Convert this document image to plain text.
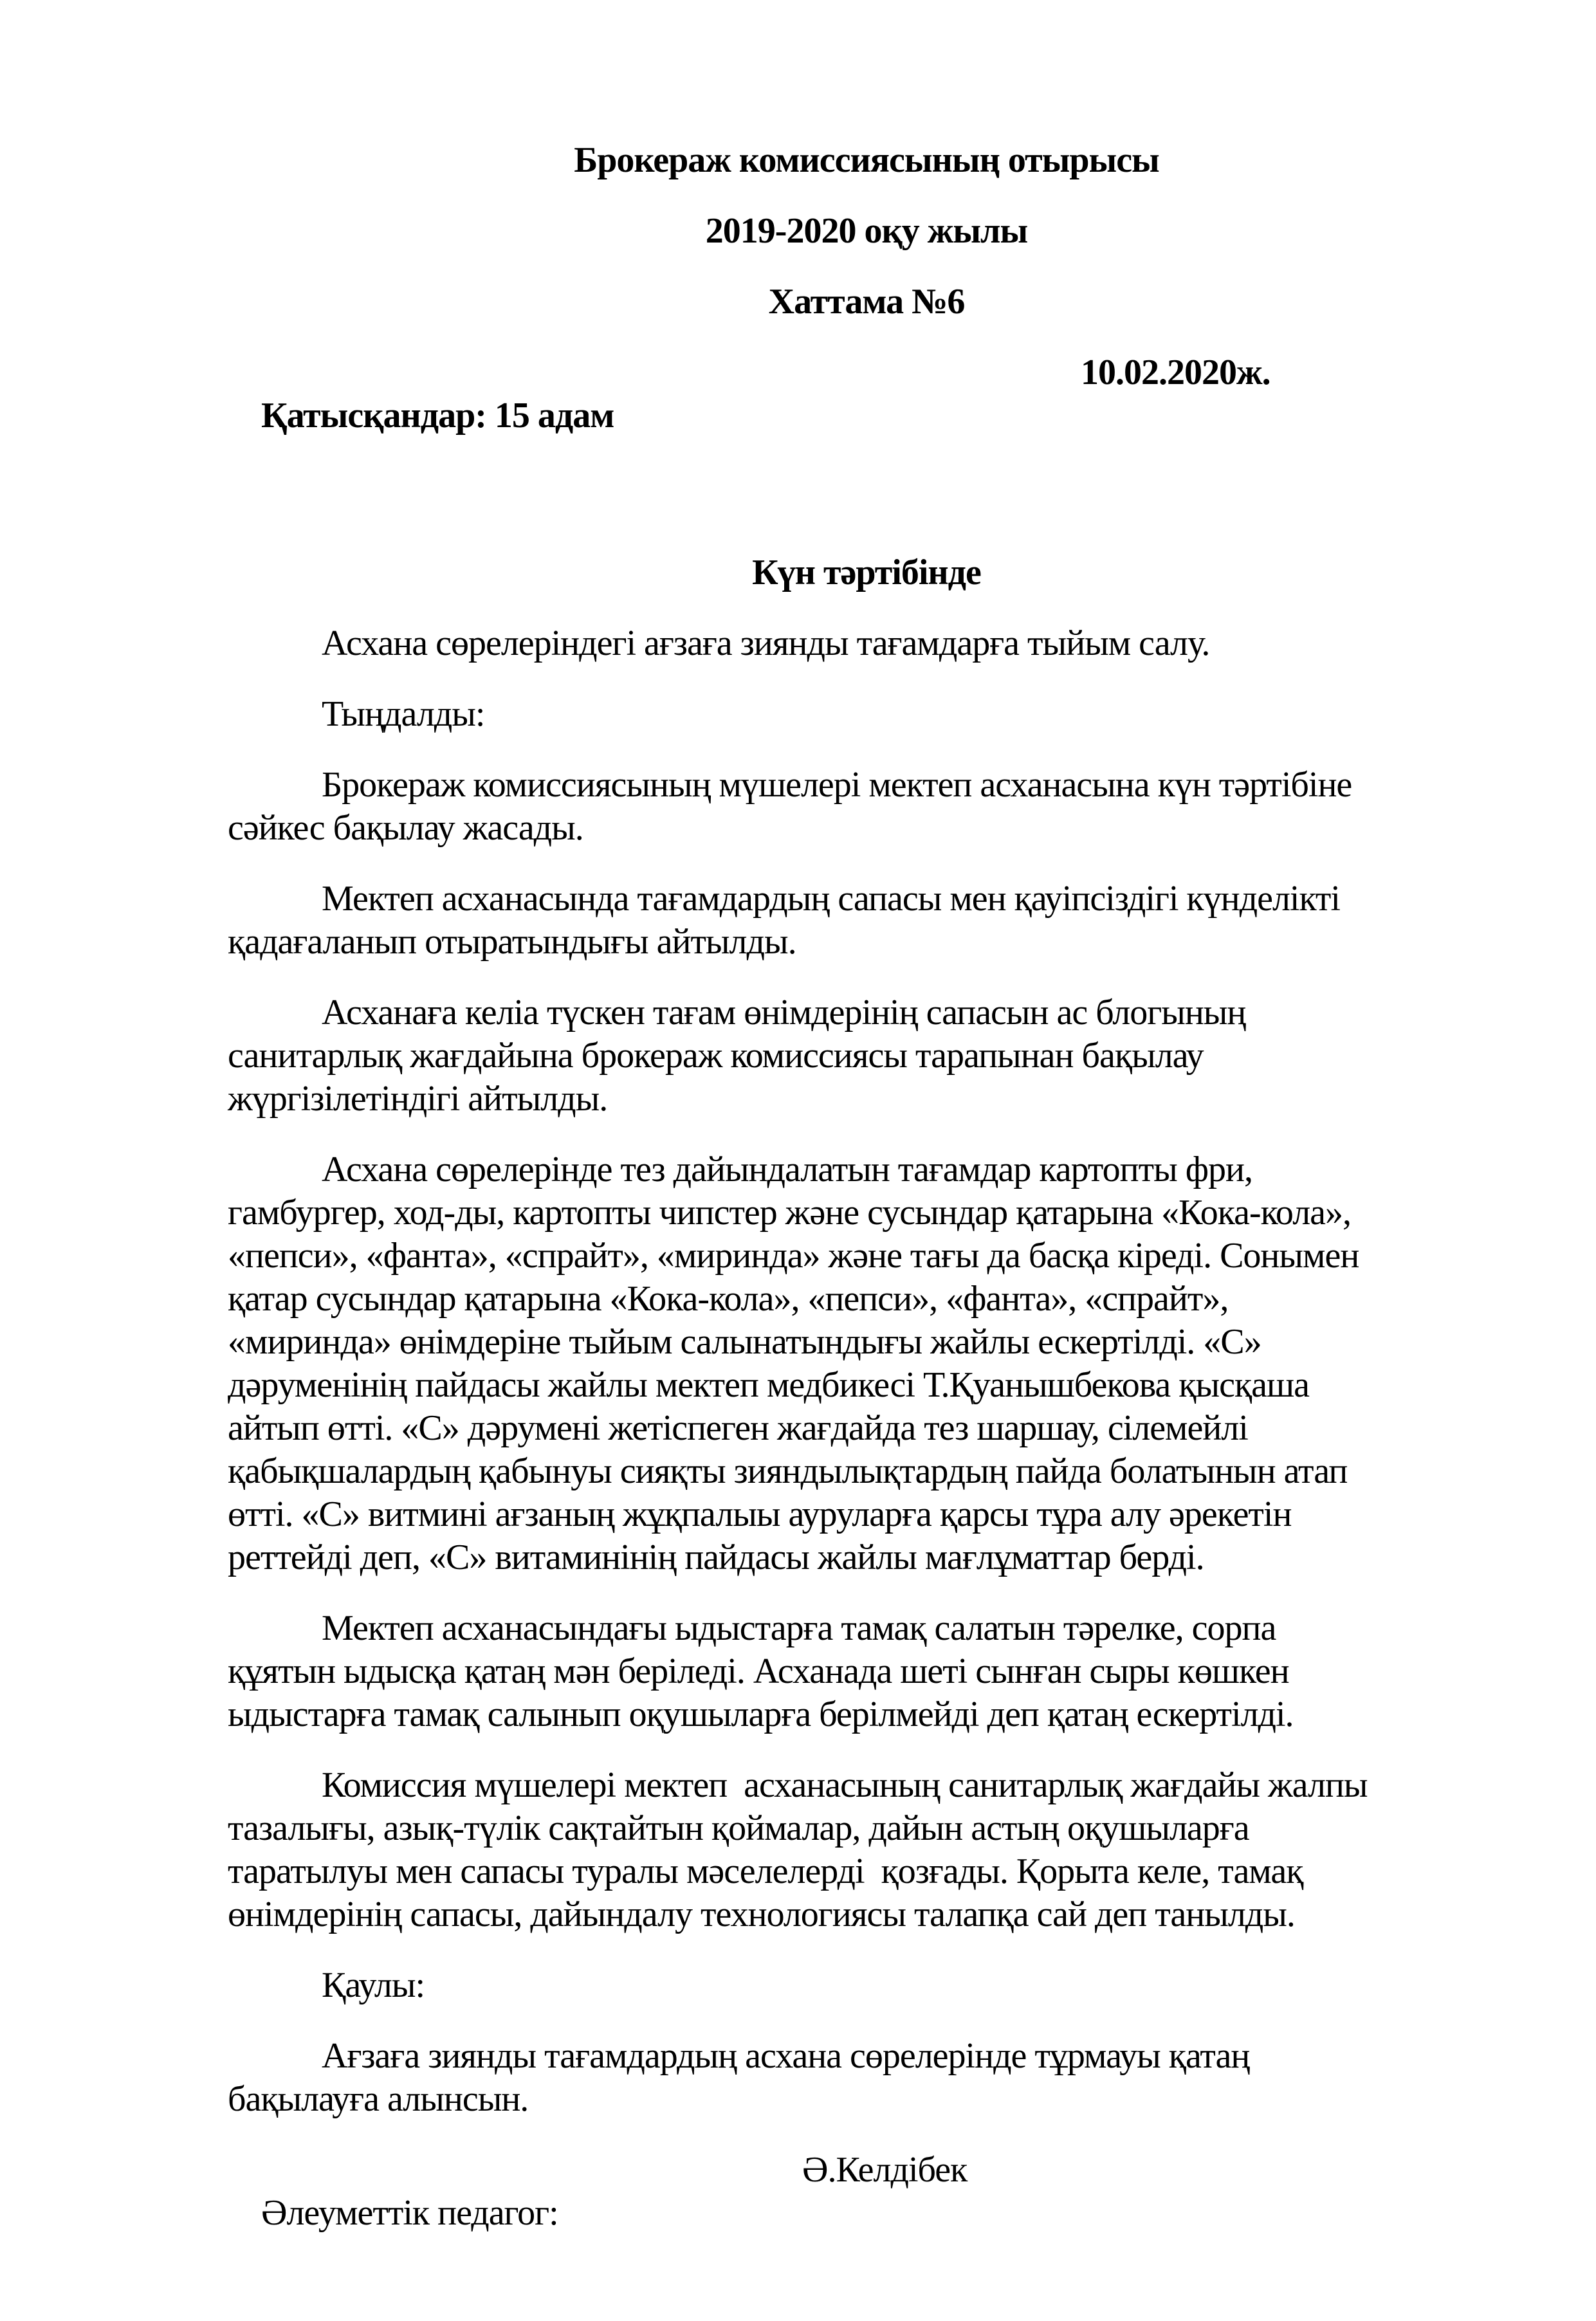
Брокераж комиссиясының отырысы

2019-2020 оқу жылы

Хаттама №6

Қатысқандар: 15 адам

10.02.2020ж.

Күн тәртібінде

Асхана сөрелеріндегі ағзаға зиянды тағамдарға тыйым салу.
Тыңдалды:
Брокераж комиссиясының мүшелері мектеп асханасына күн тәртібіне
сәйкес бақылау жасады.
Мектеп асханасында тағамдардың сапасы мен қауіпсіздігі күнделікті
қадағаланып отыратындығы айтылды.
Асханаға келіа түскен тағам өнімдерінің сапасын ас блогының
санитарлық жағдайына брокераж комиссиясы тарапынан бақылау
жүргізілетіндігі айтылды.
Асхана сөрелерінде тез дайындалатын тағамдар картопты фри,
гамбургер, ход-ды, картопты чипстер және сусындар қатарына «Кока-кола»,
«пепси», «фанта», «спрайт», «миринда» және тағы да басқа кіреді. Сонымен
қатар сусындар қатарына «Кока-кола», «пепси», «фанта», «спрайт»,
«миринда» өнімдеріне тыйым салынатындығы жайлы ескертілді. «С»
дәруменінің пайдасы жайлы мектеп медбикесі Т.Қуанышбекова қысқаша
айтып өтті. «С» дәрумені жетіспеген жағдайда тез шаршау, сілемейлі
қабықшалардың қабынуы сияқты зияндылықтардың пайда болатынын атап
өтті. «С» витмині ағзаның жұқпалыы ауруларға қарсы тұра алу әрекетін
реттейді деп, «С» витаминінің пайдасы жайлы мағлұматтар берді.
Мектеп асханасындағы ыдыстарға тамақ салатын тәрелке, сорпа
құятын ыдысқа қатаң мән беріледі. Асханада шеті сынған сыры көшкен
ыдыстарға тамақ салынып оқушыларға берілмейді деп қатаң ескертілді.
Комиссия мүшелері мектеп  асханасының санитарлық жағдайы жалпы
тазалығы, азық-түлік сақтайтын қоймалар, дайын астың оқушыларға
таратылуы мен сапасы туралы мәселелерді  қозғады. Қорыта келе, тамақ
өнімдерінің сапасы, дайындалу технологиясы талапқа сай деп танылды.
Қаулы:
Ағзаға зиянды тағамдардың асхана сөрелерінде тұрмауы қатаң
бақылауға алынсын.

Әлеуметтік педагог:

Ә.Келдібек
